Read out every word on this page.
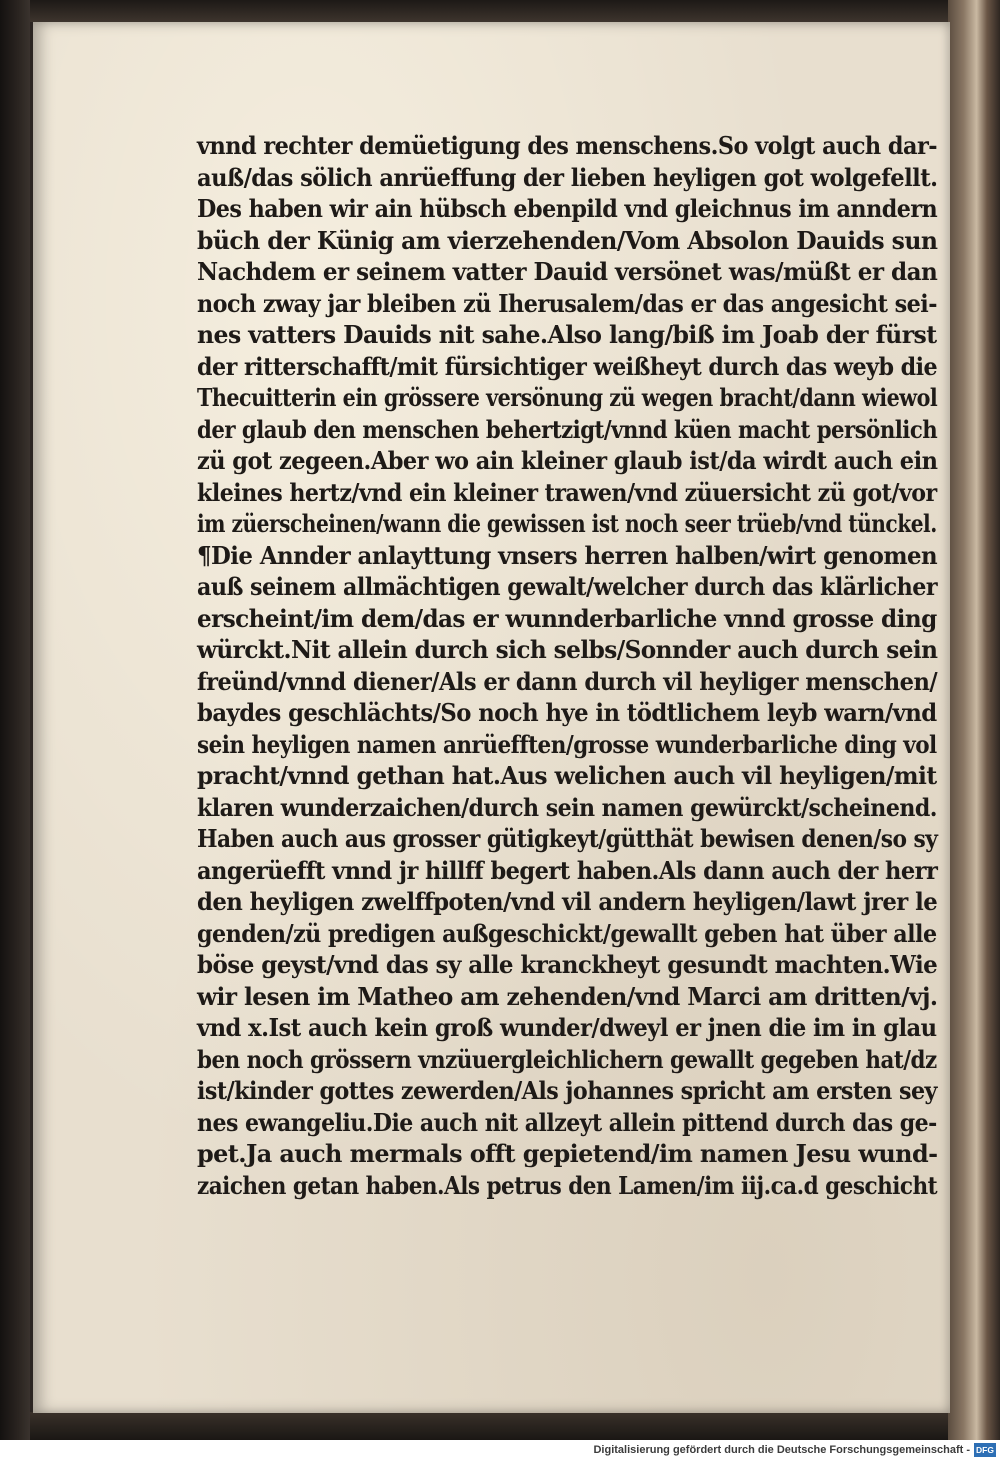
vnnd rechter demüetigung des menschens.So volgt auch dar-
auß/das sölich anrüeffung der lieben heyligen got wolgefellt.
Des haben wir ain hübsch ebenpild vnd gleichnus im anndern
büch der Künig am vierzehenden/Vom Absolon Dauids sun
Nachdem er seinem vatter Dauid versönet was/müßt er dan
noch zway jar bleiben zü Iherusalem/das er das angesicht sei-
nes vatters Dauids nit sahe.Also lang/biß im Joab der fürst
der ritterschafft/mit fürsichtiger weißheyt durch das weyb die
Thecuitterin ein grössere versönung zü wegen bracht/dann wiewol
der glaub den menschen behertzigt/vnnd küen macht persönlich
zü got zegeen.Aber wo ain kleiner glaub ist/da wirdt auch ein
kleines hertz/vnd ein kleiner trawen/vnd züuersicht zü got/vor
im züerscheinen/wann die gewissen ist noch seer trüeb/vnd tünckel.
¶Die Annder anlayttung vnsers herren halben/wirt genomen
auß seinem allmächtigen gewalt/welcher durch das klärlicher
erscheint/im dem/das er wunnderbarliche vnnd grosse ding
würckt.Nit allein durch sich selbs/Sonnder auch durch sein
freünd/vnnd diener/Als er dann durch vil heyliger menschen/
baydes geschlächts/So noch hye in tödtlichem leyb warn/vnd
sein heyligen namen anrüefften/grosse wunderbarliche ding vol
pracht/vnnd gethan hat.Aus welichen auch vil heyligen/mit
klaren wunderzaichen/durch sein namen gewürckt/scheinend.
Haben auch aus grosser gütigkeyt/gütthät bewisen denen/so sy
angerüefft vnnd jr hillff begert haben.Als dann auch der herr
den heyligen zwelffpoten/vnd vil andern heyligen/lawt jrer le
genden/zü predigen außgeschickt/gewallt geben hat über alle
böse geyst/vnd das sy alle kranckheyt gesundt machten.Wie
wir lesen im Matheo am zehenden/vnd Marci am dritten/vj.
vnd x.Ist auch kein groß wunder/dweyl er jnen die im in glau
ben noch grössern vnzüuergleichlichern gewallt gegeben hat/dz
ist/kinder gottes zewerden/Als johannes spricht am ersten sey
nes ewangeliu.Die auch nit allzeyt allein pittend durch das ge-
pet.Ja auch mermals offt gepietend/im namen Jesu wund-
zaichen getan haben.Als petrus den Lamen/im iij.ca.d geschicht
Digitalisierung gefördert durch die Deutsche Forschungsgemeinschaft - DFG
